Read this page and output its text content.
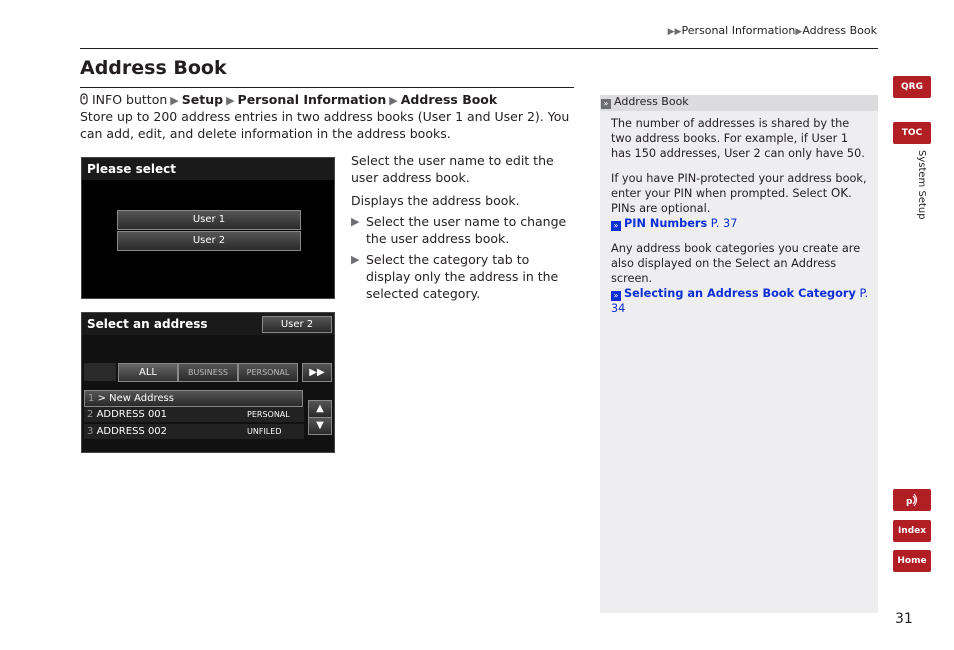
▶▶Personal Information▶Address Book
Address Book
INFO button ▶ Setup ▶ Personal Information ▶ Address Book

Store up to 200 address entries in two address books (User 1 and User 2). You can add, edit, and delete information in the address books.

Please select
User 1
User 2
Select an address	User 2
ALL	BUSINESS	PERSONAL	▶▶
1 > New Address
2 ADDRESS 001	PERSONAL
3 ADDRESS 002	UNFILED
▲
▼
Select the user name to edit the user address book.
Displays the address book.
▶ Select the user name to change the user address book.
▶ Select the category tab to display only the address in the selected category.
» Address Book

The number of addresses is shared by the two address books. For example, if User 1 has 150 addresses, User 2 can only have 50.

If you have PIN-protected your address book, enter your PIN when prompted. Select OK. PINs are optional.

» PIN Numbers P. 37

Any address book categories you create are also displayed on the Select an Address screen.

» Selecting an Address Book Category P. 34
QRG
TOC
System Setup
p
Index
Home
31
